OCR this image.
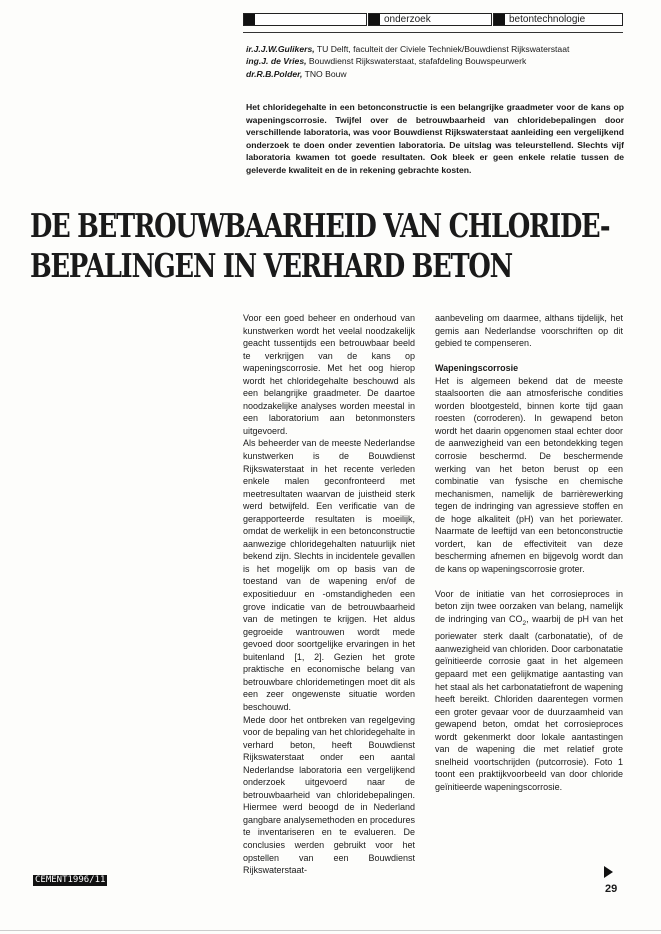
onderzoek	betontechnologie
ir.J.J.W.Gulikers, TU Delft, faculteit der Civiele Techniek/Bouwdienst Rijkswaterstaat
ing.J. de Vries, Bouwdienst Rijkswaterstaat, stafafdeling Bouwspeurwerk
dr.R.B.Polder, TNO Bouw
Het chloridegehalte in een betonconstructie is een belangrijke graadmeter voor de kans op wapeningscorrosie. Twijfel over de betrouwbaarheid van chloridebepalingen door verschillende laboratoria, was voor Bouwdienst Rijkswaterstaat aanleiding een vergelijkend onderzoek te doen onder zeventien laboratoria. De uitslag was teleurstellend. Slechts vijf laboratoria kwamen tot goede resultaten. Ook bleek er geen enkele relatie tussen de geleverde kwaliteit en de in rekening gebrachte kosten.
DE BETROUWBAARHEID VAN CHLORIDE-
BEPALINGEN IN VERHARD BETON

Voor een goed beheer en onderhoud van kunstwerken wordt het veelal noodzakelijk geacht tussentijds een betrouwbaar beeld te verkrijgen van de kans op wapeningscorrosie. Met het oog hierop wordt het chloridegehalte beschouwd als een belangrijke graadmeter. De daartoe noodzakelijke analyses worden meestal in een laboratorium aan betonmonsters uitgevoerd.

Als beheerder van de meeste Nederlandse kunstwerken is de Bouwdienst Rijkswaterstaat in het recente verleden enkele malen geconfronteerd met meetresultaten waarvan de juistheid sterk werd betwijfeld. Een verificatie van de gerapporteerde resultaten is moeilijk, omdat de werkelijk in een betonconstructie aanwezige chloridegehalten natuurlijk niet bekend zijn. Slechts in incidentele gevallen is het mogelijk om op basis van de toestand van de wapening en/of de expositieduur en -omstandigheden een grove indicatie van de betrouwbaarheid van de metingen te krijgen. Het aldus gegroeide wantrouwen wordt mede gevoed door soortgelijke ervaringen in het buitenland [1, 2]. Gezien het grote praktische en economische belang van betrouwbare chloridemetingen moet dit als een zeer ongewenste situatie worden beschouwd.

Mede door het ontbreken van regelgeving voor de bepaling van het chloridegehalte in verhard beton, heeft Bouwdienst Rijkswaterstaat onder een aantal Nederlandse laboratoria een vergelijkend onderzoek uitgevoerd naar de betrouwbaarheid van chloridebepalingen. Hiermee werd beoogd de in Nederland gangbare analysemethoden en procedures te inventariseren en te evalueren. De conclusies werden gebruikt voor het opstellen van een Bouwdienst Rijkswaterstaat-

aanbeveling om daarmee, althans tijdelijk, het gemis aan Nederlandse voorschriften op dit gebied te compenseren.

Wapeningscorrosie

Het is algemeen bekend dat de meeste staalsoorten die aan atmosferische condities worden blootgesteld, binnen korte tijd gaan roesten (corroderen). In gewapend beton wordt het daarin opgenomen staal echter door de aanwezigheid van een betondekking tegen corrosie beschermd. De beschermende werking van het beton berust op een combinatie van fysische en chemische mechanismen, namelijk de barrièrewerking tegen de indringing van agressieve stoffen en de hoge alkaliteit (pH) van het poriewater. Naarmate de leeftijd van een betonconstructie vordert, kan de effectiviteit van deze bescherming afnemen en bijgevolg wordt dan de kans op wapeningscorrosie groter.

Voor de initiatie van het corrosieproces in beton zijn twee oorzaken van belang, namelijk de indringing van $CO_2$, waarbij de pH van het poriewater sterk daalt (carbonatatie), of de aanwezigheid van chloriden. Door carbonatatie geïnitieerde corrosie gaat in het algemeen gepaard met een gelijkmatige aantasting van het staal als het carbonatatiefront de wapening heeft bereikt. Chloriden daarentegen vormen een groter gevaar voor de duurzaamheid van gewapend beton, omdat het corrosieproces wordt gekenmerkt door lokale aantastingen van de wapening die met relatief grote snelheid voortschrijden (putcorrosie). Foto 1 toont een praktijkvoorbeeld van door chloride geïnitieerde wapeningscorrosie.

CEMENT1996/11
29
